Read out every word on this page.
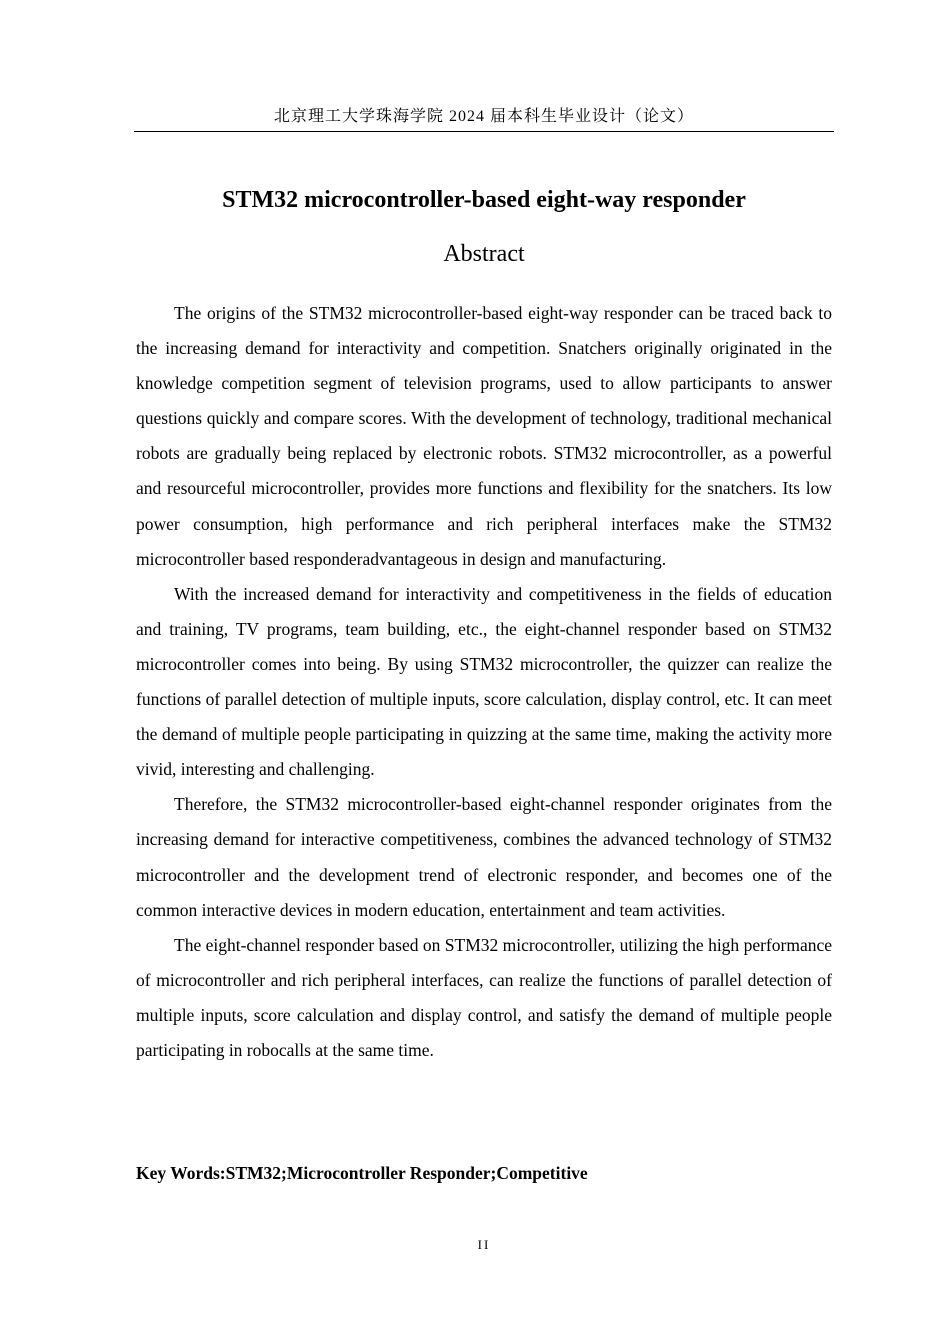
北京理工大学珠海学院 2024 届本科生毕业设计（论文）
STM32 microcontroller-based eight-way responder
Abstract

The origins of the STM32 microcontroller-based eight-way responder can be traced back to the increasing demand for interactivity and competition. Snatchers originally originated in the knowledge competition segment of television programs, used to allow participants to answer questions quickly and compare scores. With the development of technology, traditional mechanical robots are gradually being replaced by electronic robots. STM32 microcontroller, as a powerful and resourceful microcontroller, provides more functions and flexibility for the snatchers. Its low power consumption, high performance and rich peripheral interfaces make the STM32 microcontroller based responderadvantageous in design and manufacturing.

With the increased demand for interactivity and competitiveness in the fields of education and training, TV programs, team building, etc., the eight-channel responder based on STM32 microcontroller comes into being. By using STM32 microcontroller, the quizzer can realize the functions of parallel detection of multiple inputs, score calculation, display control, etc. It can meet the demand of multiple people participating in quizzing at the same time, making the activity more vivid, interesting and challenging.

Therefore, the STM32 microcontroller-based eight-channel responder originates from the increasing demand for interactive competitiveness, combines the advanced technology of STM32 microcontroller and the development trend of electronic responder, and becomes one of the common interactive devices in modern education, entertainment and team activities.

The eight-channel responder based on STM32 microcontroller, utilizing the high performance of microcontroller and rich peripheral interfaces, can realize the functions of parallel detection of multiple inputs, score calculation and display control, and satisfy the demand of multiple people participating in robocalls at the same time.

Key Words:STM32;Microcontroller Responder;Competitive
II
